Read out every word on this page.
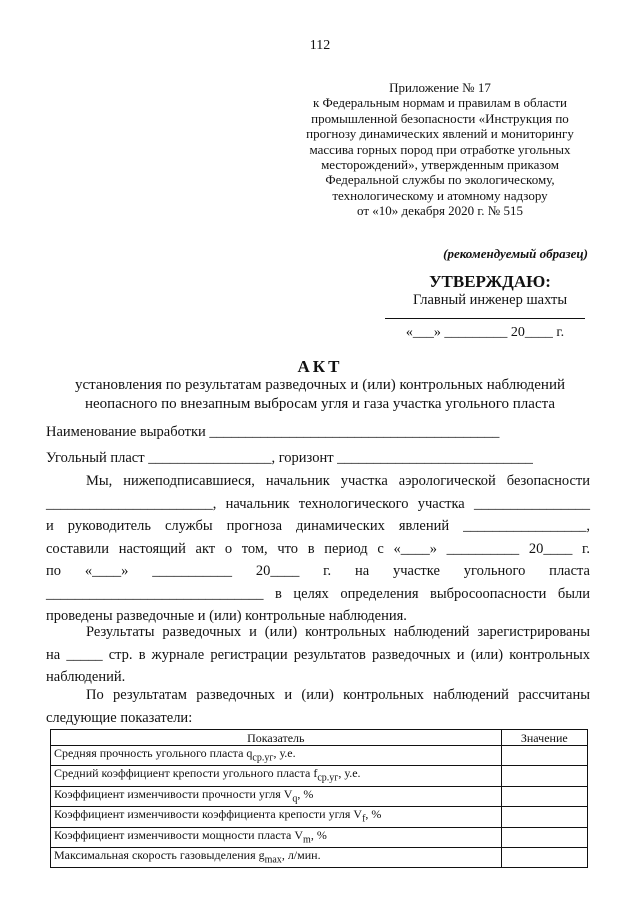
112
Приложение № 17
к Федеральным нормам и правилам в области
промышленной безопасности «Инструкция по
прогнозу динамических явлений и мониторингу
массива горных пород при отработке угольных
месторождений», утвержденным приказом
Федеральной службы по экологическому,
технологическому и атомному надзору
от «10» декабря 2020 г. № 515
(рекомендуемый образец)
УТВЕРЖДАЮ:
Главный инженер шахты
«___» _________ 20____ г.
АКТ
установления по результатам разведочных и (или) контрольных наблюдений
неопасного по внезапным выбросам угля и газа участка угольного пласта
Наименование выработки ________________________________________
Угольный пласт _________________, горизонт ___________________________
Мы, нижеподписавшиеся, начальник участка аэрологической безопасности
_______________________, начальник технологического участка ________________
и руководитель службы прогноза динамических явлений _________________,
составили настоящий акт о том, что в период с «____» __________ 20____ г.
по «____» ___________ 20____ г. на участке угольного пласта
______________________________ в целях определения выбросоопасности были
проведены разведочные и (или) контрольные наблюдения.
Результаты разведочных и (или) контрольных наблюдений зарегистрированы
на _____ стр. в журнале регистрации результатов разведочных и (или) контрольных
наблюдений.
По результатам разведочных и (или) контрольных наблюдений рассчитаны
следующие показатели:
Показатель	Значение
Средняя прочность угольного пласта $q_{ср.уг}$, у.е.	
Средний коэффициент крепости угольного пласта $f_{ср.уг}$, у.е.	
Коэффициент изменчивости прочности угля $V_q$, %	
Коэффициент изменчивости коэффициента крепости угля $V_f$, %	
Коэффициент изменчивости мощности пласта $V_m$, %	
Максимальная скорость газовыделения $g_{max}$, л/мин.	
